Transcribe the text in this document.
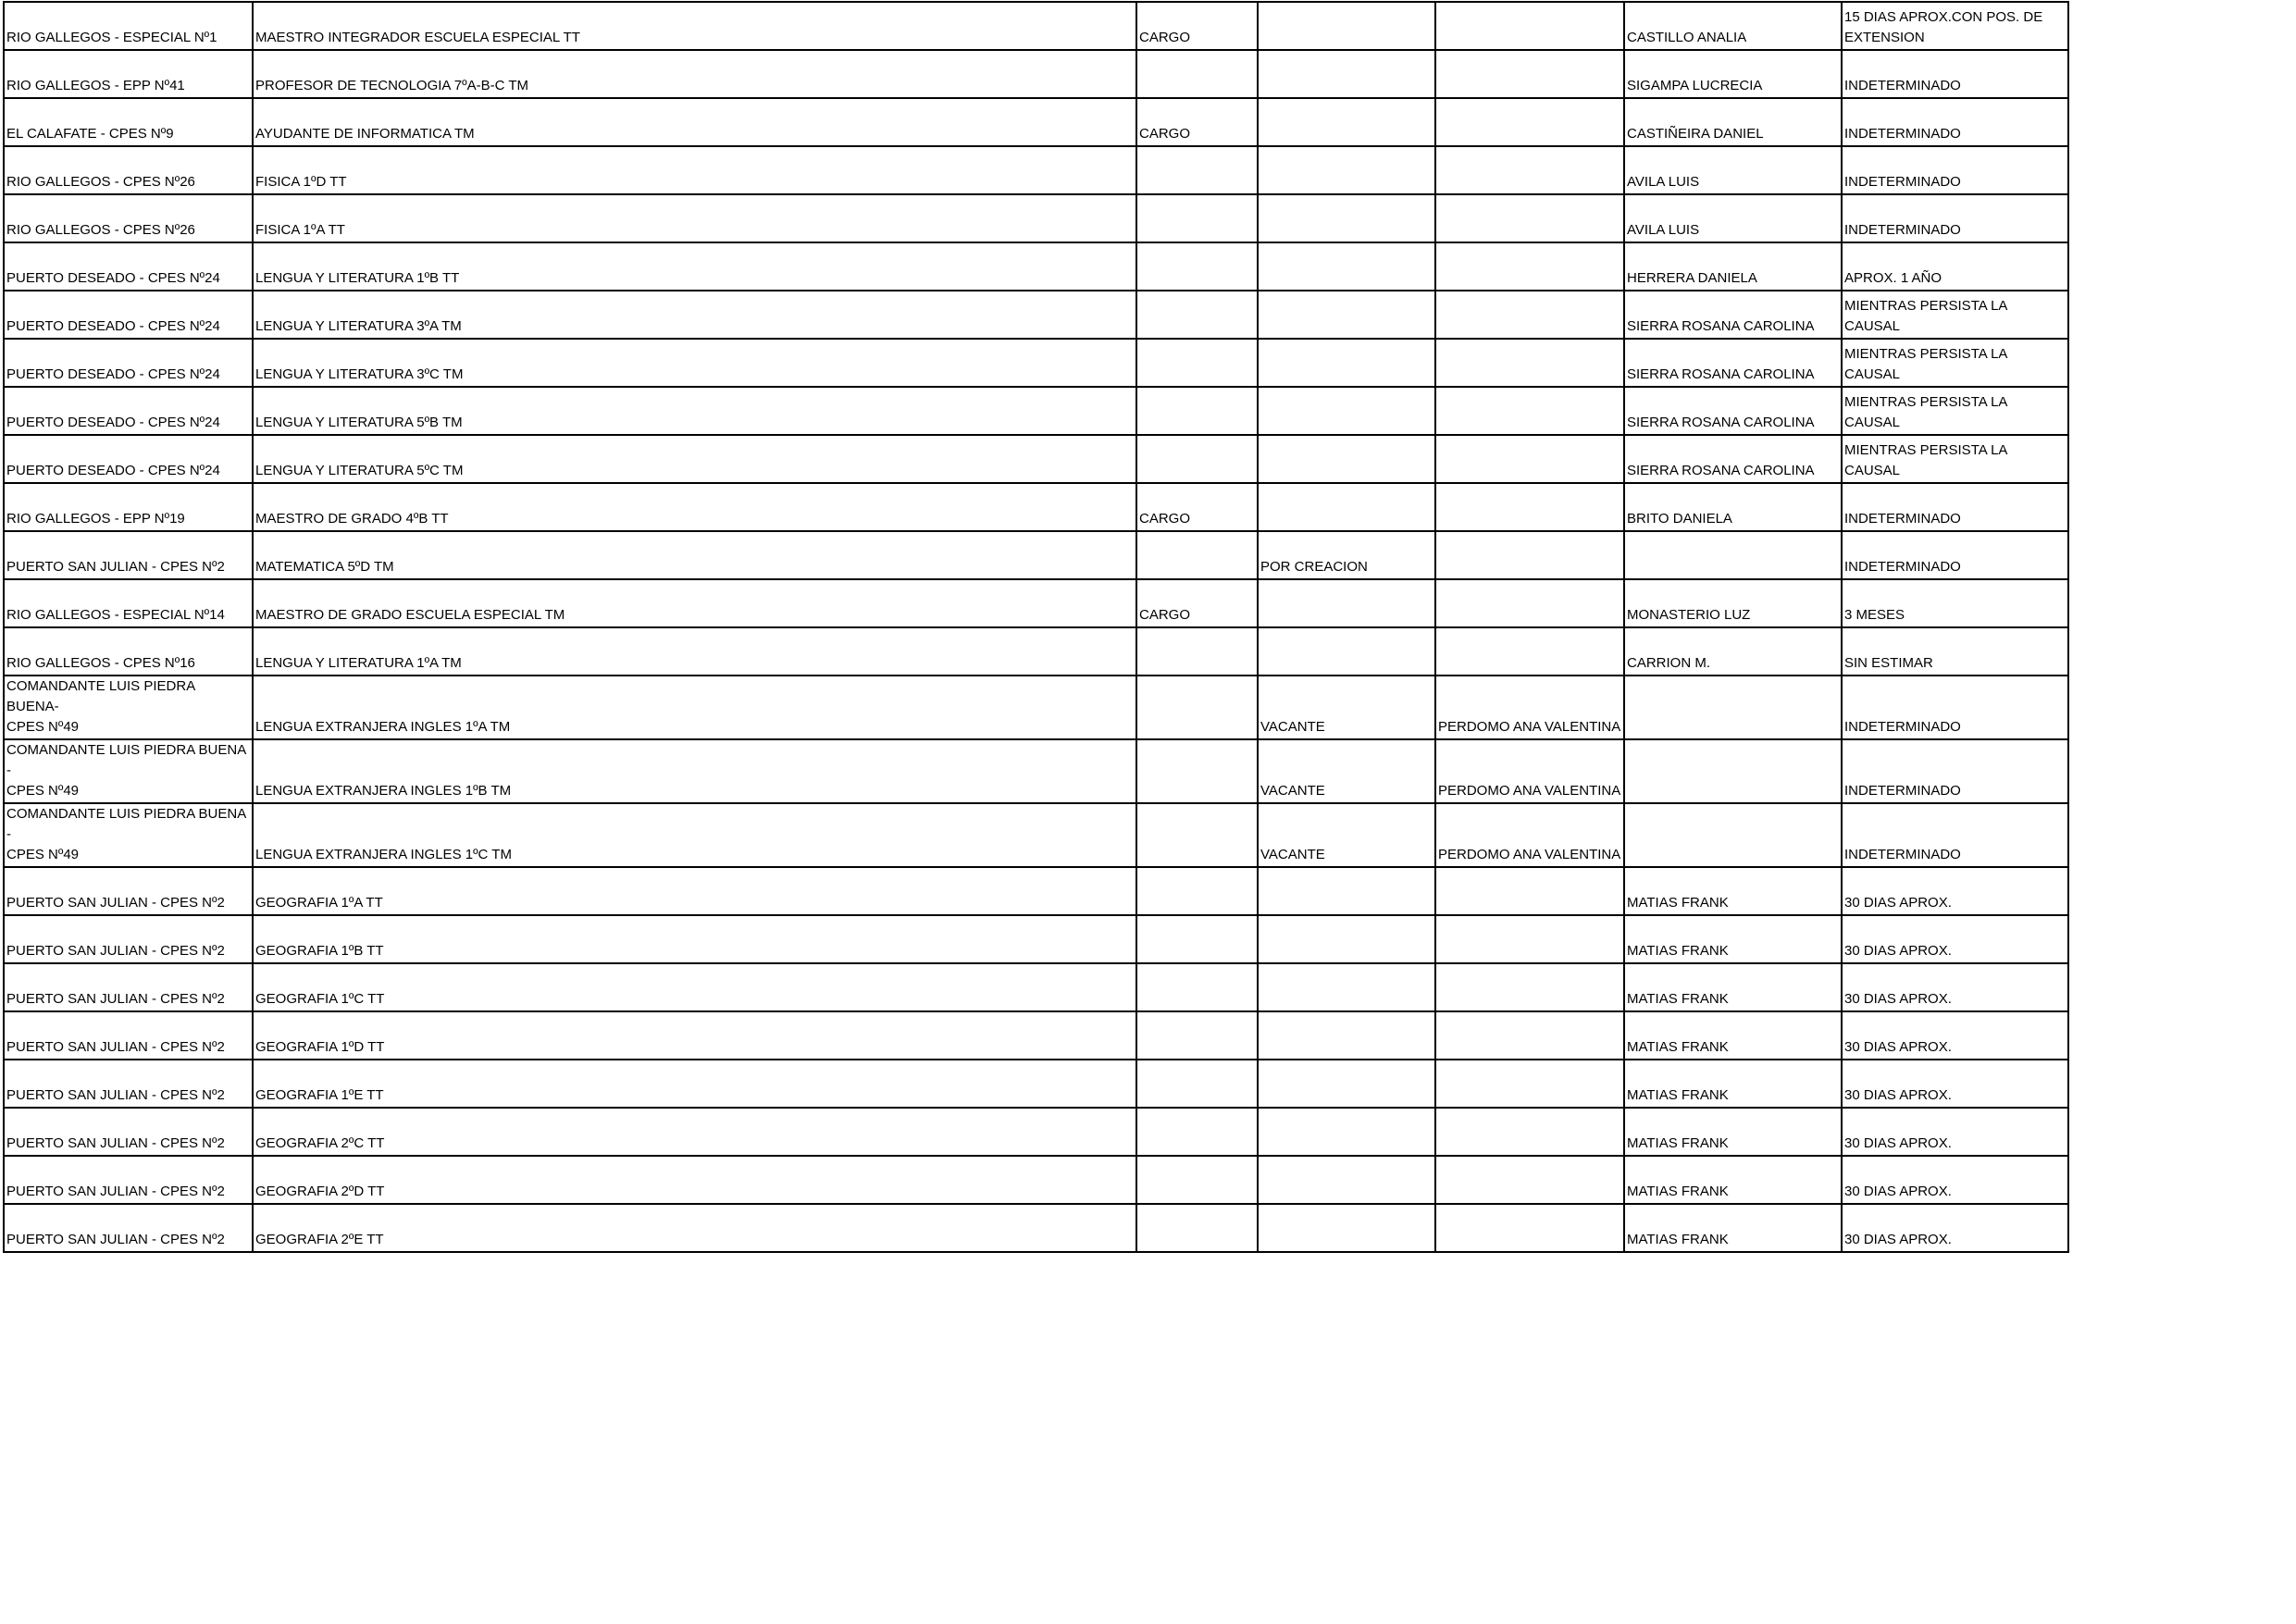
RIO GALLEGOS - ESPECIAL Nº1	MAESTRO INTEGRADOR ESCUELA ESPECIAL TT	CARGO			CASTILLO ANALIA	15 DIAS APROX.CON POS. DE
EXTENSION
RIO GALLEGOS - EPP Nº41	PROFESOR DE TECNOLOGIA 7ºA-B-C TM				SIGAMPA LUCRECIA	INDETERMINADO
EL CALAFATE - CPES Nº9	AYUDANTE DE INFORMATICA TM	CARGO			CASTIÑEIRA DANIEL	INDETERMINADO
RIO GALLEGOS - CPES Nº26	FISICA 1ºD TT				AVILA LUIS	INDETERMINADO
RIO GALLEGOS - CPES Nº26	FISICA 1ºA TT				AVILA LUIS	INDETERMINADO
PUERTO DESEADO - CPES Nº24	LENGUA Y LITERATURA 1ºB TT				HERRERA DANIELA	APROX. 1 AÑO
PUERTO DESEADO - CPES Nº24	LENGUA Y LITERATURA 3ºA TM				SIERRA ROSANA CAROLINA	MIENTRAS PERSISTA LA CAUSAL
PUERTO DESEADO - CPES Nº24	LENGUA Y LITERATURA 3ºC TM				SIERRA ROSANA CAROLINA	MIENTRAS PERSISTA LA CAUSAL
PUERTO DESEADO - CPES Nº24	LENGUA Y LITERATURA 5ºB TM				SIERRA ROSANA CAROLINA	MIENTRAS PERSISTA LA CAUSAL
PUERTO DESEADO - CPES Nº24	LENGUA Y LITERATURA 5ºC TM				SIERRA ROSANA CAROLINA	MIENTRAS PERSISTA LA CAUSAL
RIO GALLEGOS - EPP Nº19	MAESTRO DE GRADO 4ºB TT	CARGO			BRITO DANIELA	INDETERMINADO
PUERTO SAN JULIAN - CPES Nº2	MATEMATICA 5ºD TM		POR CREACION			INDETERMINADO
RIO GALLEGOS - ESPECIAL Nº14	MAESTRO DE GRADO ESCUELA ESPECIAL TM	CARGO			MONASTERIO LUZ	3 MESES
RIO GALLEGOS - CPES Nº16	LENGUA Y LITERATURA 1ºA TM				CARRION M.	SIN ESTIMAR
COMANDANTE LUIS PIEDRA BUENA-
CPES Nº49	LENGUA EXTRANJERA INGLES 1ºA TM		VACANTE	PERDOMO ANA VALENTINA		INDETERMINADO
COMANDANTE LUIS PIEDRA BUENA -
CPES Nº49	LENGUA EXTRANJERA INGLES 1ºB TM		VACANTE	PERDOMO ANA VALENTINA		INDETERMINADO
COMANDANTE LUIS PIEDRA BUENA -
CPES Nº49	LENGUA EXTRANJERA INGLES 1ºC TM		VACANTE	PERDOMO ANA VALENTINA		INDETERMINADO
PUERTO SAN JULIAN - CPES Nº2	GEOGRAFIA 1ºA TT				MATIAS FRANK	30 DIAS APROX.
PUERTO SAN JULIAN - CPES Nº2	GEOGRAFIA 1ºB TT				MATIAS FRANK	30 DIAS APROX.
PUERTO SAN JULIAN - CPES Nº2	GEOGRAFIA 1ºC TT				MATIAS FRANK	30 DIAS APROX.
PUERTO SAN JULIAN - CPES Nº2	GEOGRAFIA 1ºD TT				MATIAS FRANK	30 DIAS APROX.
PUERTO SAN JULIAN - CPES Nº2	GEOGRAFIA 1ºE TT				MATIAS FRANK	30 DIAS APROX.
PUERTO SAN JULIAN - CPES Nº2	GEOGRAFIA 2ºC TT				MATIAS FRANK	30 DIAS APROX.
PUERTO SAN JULIAN - CPES Nº2	GEOGRAFIA 2ºD TT				MATIAS FRANK	30 DIAS APROX.
PUERTO SAN JULIAN - CPES Nº2	GEOGRAFIA 2ºE TT				MATIAS FRANK	30 DIAS APROX.
